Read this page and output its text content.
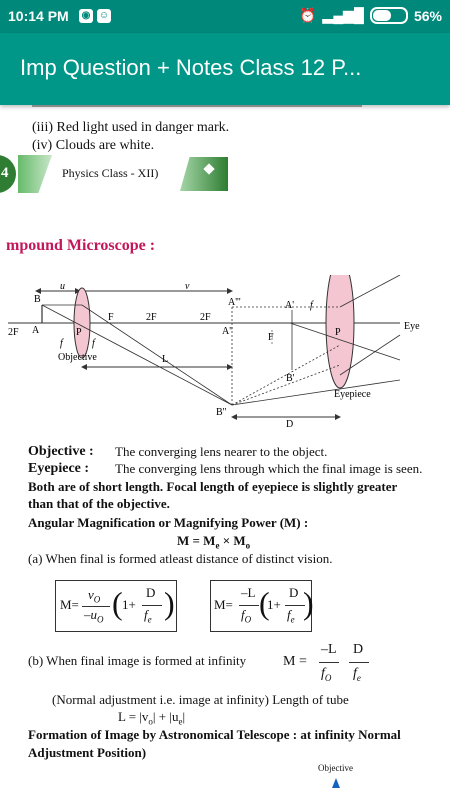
10:14 PM ◉ ☺	⏰ ▂▄▆█	56%
Imp Question + Notes Class 12 P...
(iii) Red light used in danger mark.
(iv) Clouds are white.
4	Physics Class - XII)
mpound Microscope :
u	v
B
2F A	P
F	2F	2F
A'''
A''
A' f
F	P
Eye
B'
f	f
Objective
Eyepiece
L
B''
D
Objective : The converging lens nearer to the object.
Eyepiece : The converging lens through which the final image is seen.
Both are of short length. Focal length of eyepiece is slightly greater
than that of the objective.
Angular Magnification or Magnifying Power (M) :
$M = M_e \times M_o$
(a) When final is formed atleast distance of distinct vision.
M=
$v_O$
$-u_O$ ( 1+
D
$f_e$ )	M=
–L
$f_O$ (
1+
D
$f_e$ )
(b) When final image is formed at infinity	M =
–L
$f_O$
D
$f_e$
(Normal adjustment i.e. image at infinity) Length of tube
$L = |v_o| + |u_e|$
Formation of Image by Astronomical Telescope : at infinity Normal
Adjustment Position)
Objective
